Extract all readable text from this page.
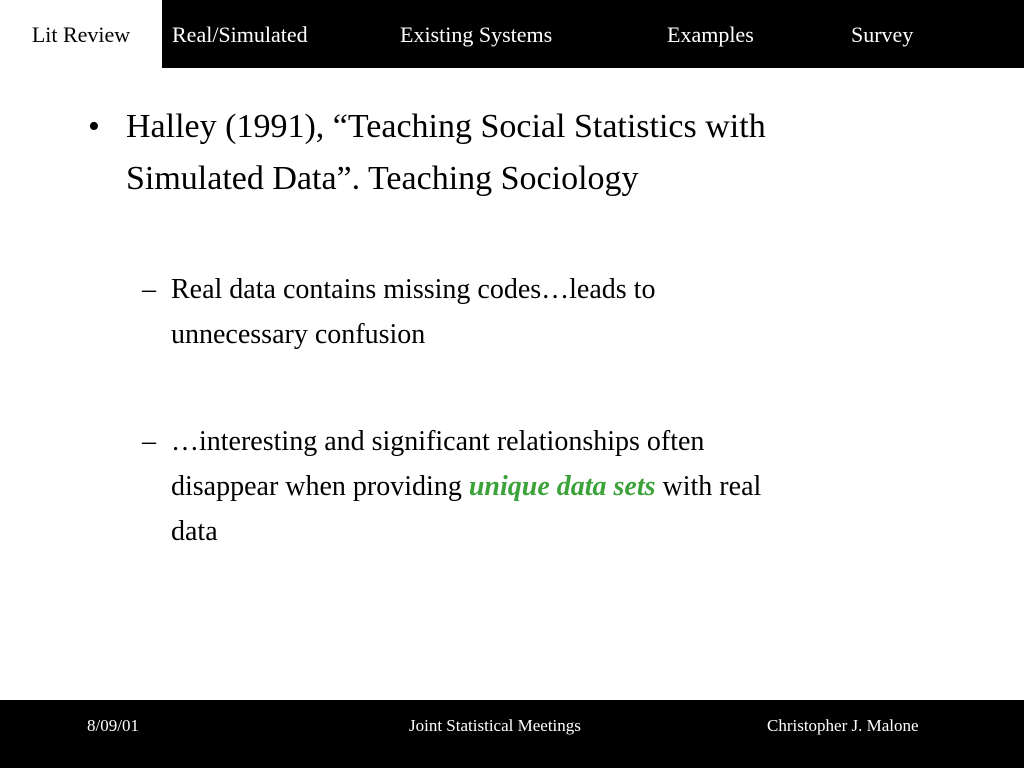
Lit Review	Real/Simulated	Existing Systems	Examples	Survey
• Halley (1991), “Teaching Social Statistics with
Simulated Data”. Teaching Sociology
– Real data contains missing codes…leads to
unnecessary confusion
– …interesting and significant relationships often
disappear when providing unique data sets with real
data
8/09/01	Joint Statistical Meetings	Christopher J. Malone
